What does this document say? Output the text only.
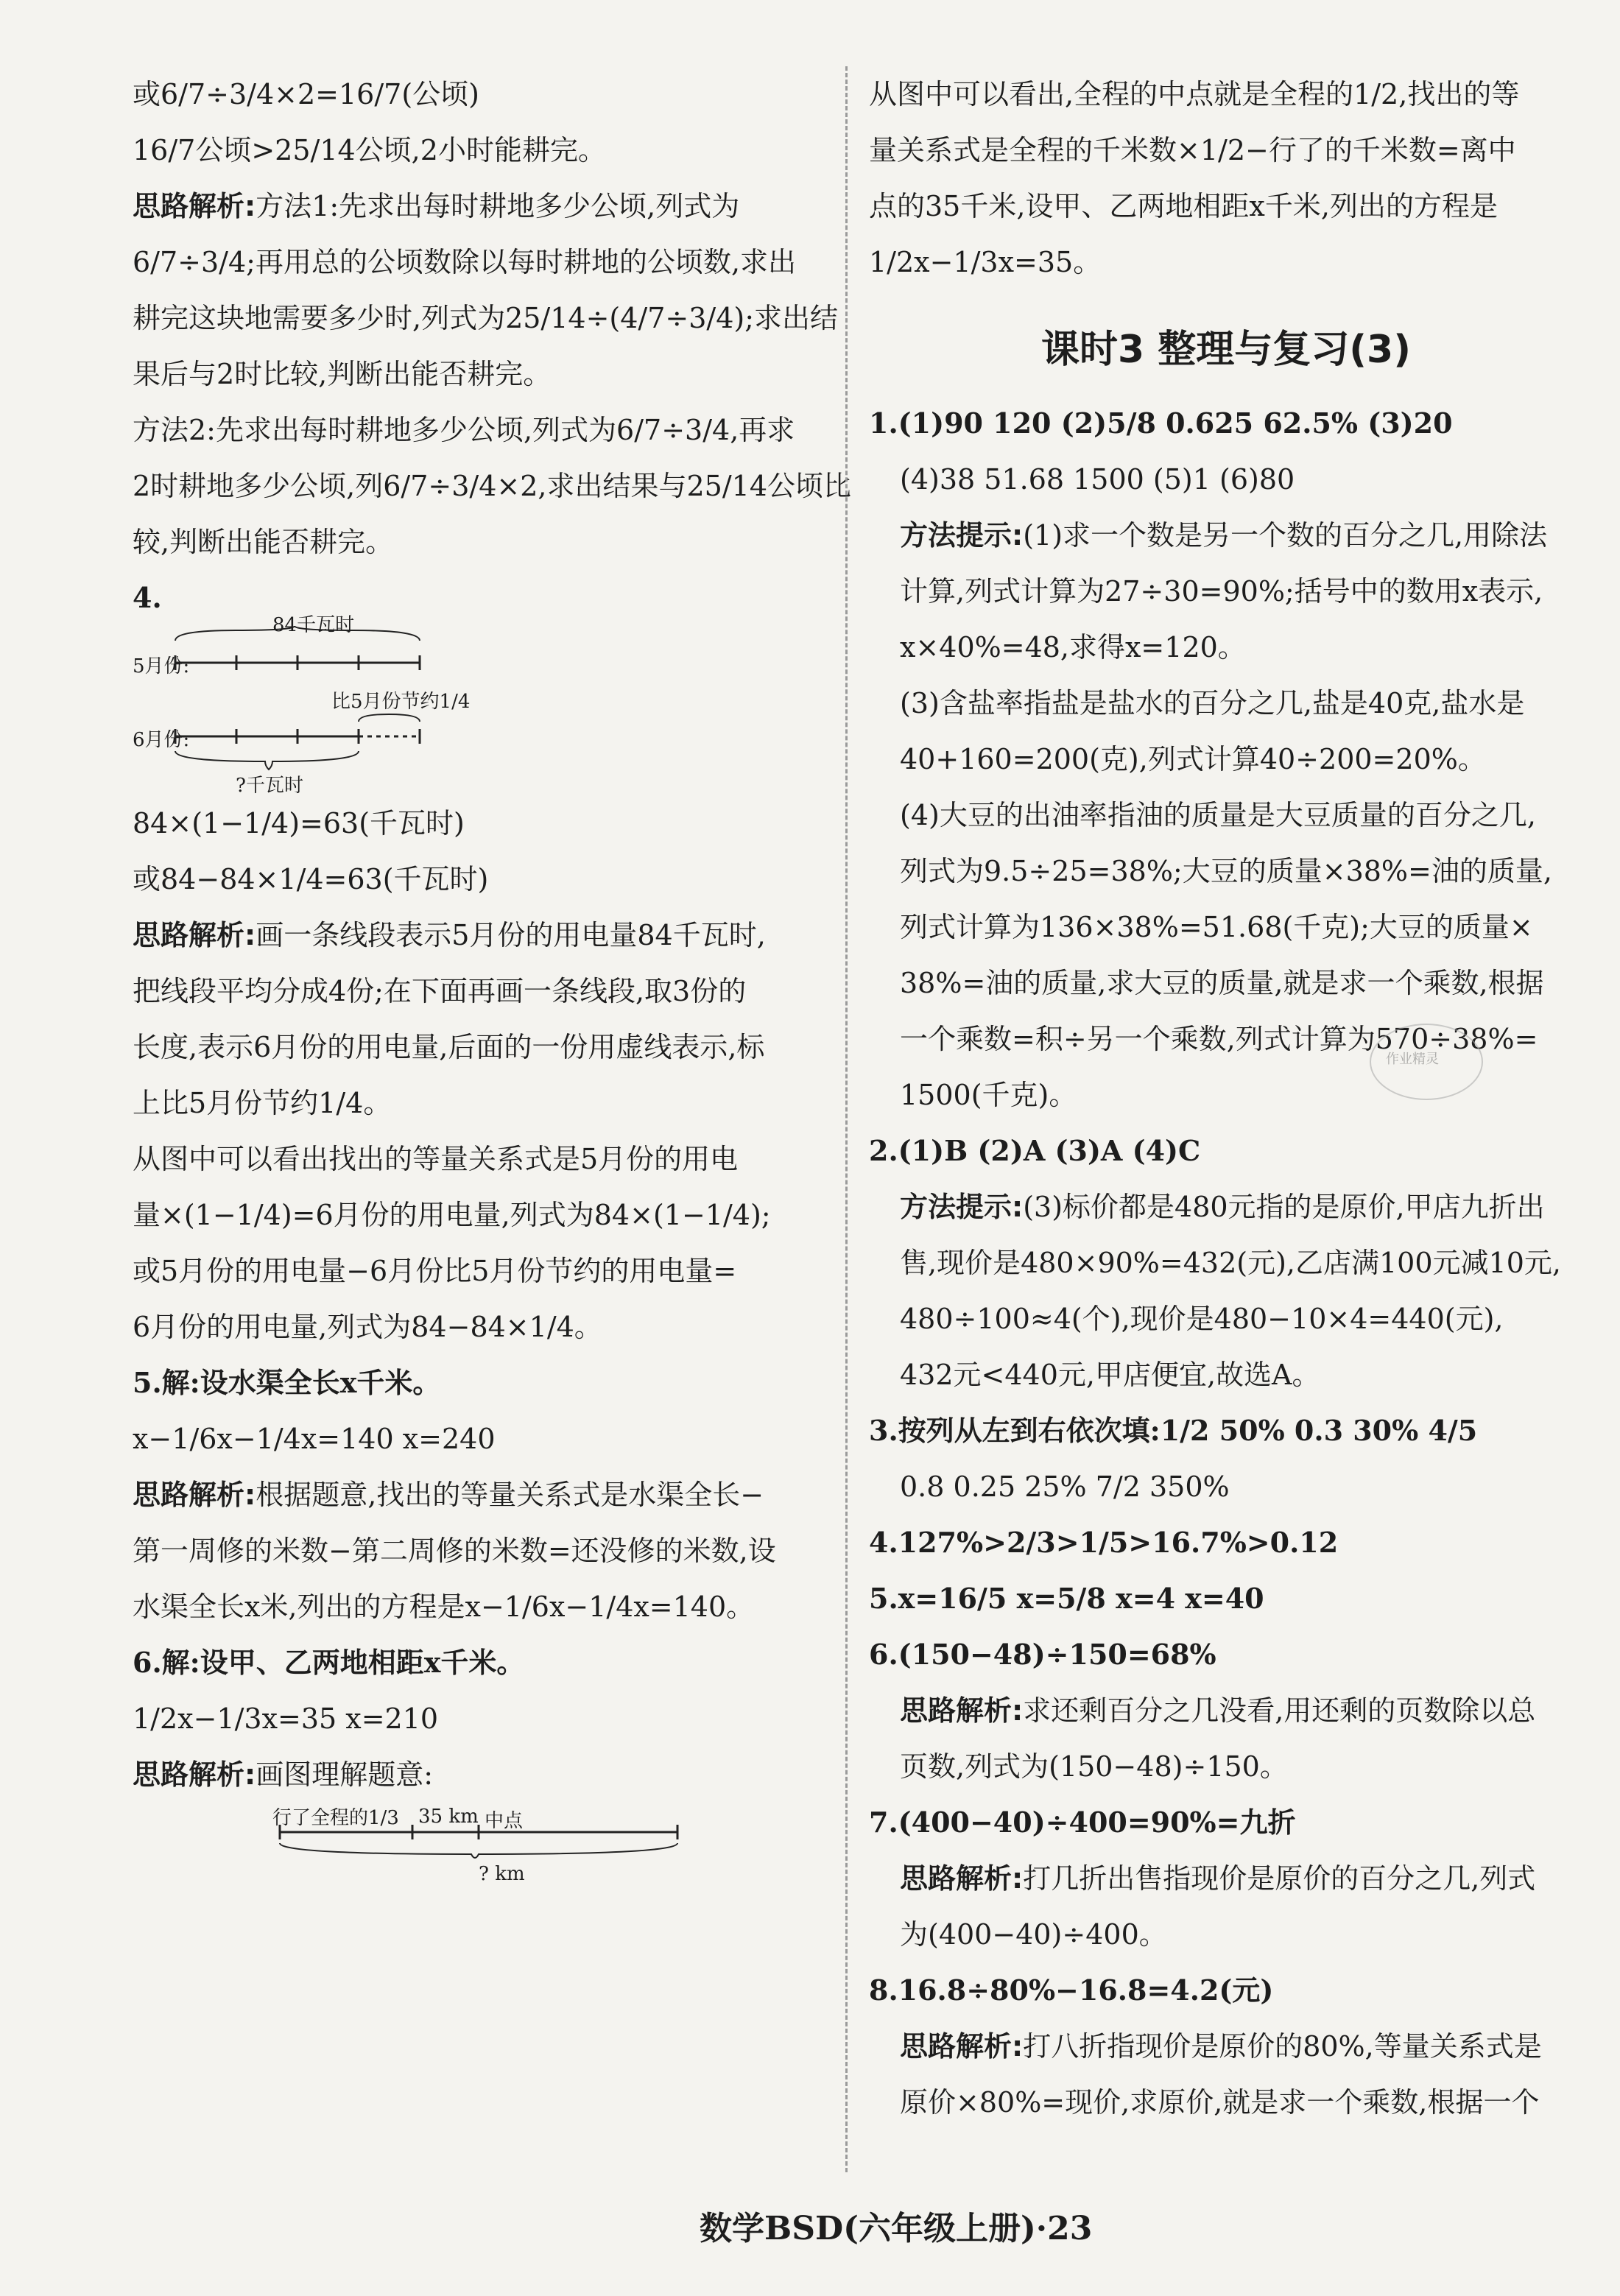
或6/7÷3/4×2=16/7(公顷)

16/7公顷>25/14公顷,2小时能耕完。

思路解析:方法1:先求出每时耕地多少公顷,列式为

6/7÷3/4;再用总的公顷数除以每时耕地的公顷数,求出

耕完这块地需要多少时,列式为25/14÷(4/7÷3/4);求出结

果后与2时比较,判断出能否耕完。

方法2:先求出每时耕地多少公顷,列式为6/7÷3/4,再求

2时耕地多少公顷,列6/7÷3/4×2,求出结果与25/14公顷比

较,判断出能否耕完。

4.

84千瓦时
5月份:
比5月份节约1/4
6月份:
?千瓦时

84×(1−1/4)=63(千瓦时)

或84−84×1/4=63(千瓦时)

思路解析:画一条线段表示5月份的用电量84千瓦时,

把线段平均分成4份;在下面再画一条线段,取3份的

长度,表示6月份的用电量,后面的一份用虚线表示,标

上比5月份节约1/4。

从图中可以看出找出的等量关系式是5月份的用电

量×(1−1/4)=6月份的用电量,列式为84×(1−1/4);

或5月份的用电量−6月份比5月份节约的用电量=

6月份的用电量,列式为84−84×1/4。

5.解:设水渠全长x千米。

x−1/6x−1/4x=140 x=240

思路解析:根据题意,找出的等量关系式是水渠全长−

第一周修的米数−第二周修的米数=还没修的米数,设

水渠全长x米,列出的方程是x−1/6x−1/4x=140。

6.解:设甲、乙两地相距x千米。

1/2x−1/3x=35 x=210

思路解析:画图理解题意:

行了全程的1/3 35 km 中点
? km

从图中可以看出,全程的中点就是全程的1/2,找出的等

量关系式是全程的千米数×1/2−行了的千米数=离中

点的35千米,设甲、乙两地相距x千米,列出的方程是

1/2x−1/3x=35。

课时3 整理与复习(3)

1.(1)90 120 (2)5/8 0.625 62.5% (3)20

(4)38 51.68 1500 (5)1 (6)80

方法提示:(1)求一个数是另一个数的百分之几,用除法

计算,列式计算为27÷30=90%;括号中的数用x表示,

x×40%=48,求得x=120。

(3)含盐率指盐是盐水的百分之几,盐是40克,盐水是

40+160=200(克),列式计算40÷200=20%。

(4)大豆的出油率指油的质量是大豆质量的百分之几,

列式为9.5÷25=38%;大豆的质量×38%=油的质量,

列式计算为136×38%=51.68(千克);大豆的质量×

38%=油的质量,求大豆的质量,就是求一个乘数,根据

一个乘数=积÷另一个乘数,列式计算为570÷38%=

1500(千克)。

2.(1)B (2)A (3)A (4)C

方法提示:(3)标价都是480元指的是原价,甲店九折出

售,现价是480×90%=432(元),乙店满100元减10元,

480÷100≈4(个),现价是480−10×4=440(元),

432元<440元,甲店便宜,故选A。

3.按列从左到右依次填:1/2 50% 0.3 30% 4/5

0.8 0.25 25% 7/2 350%

4.127%>2/3>1/5>16.7%>0.12

5.x=16/5 x=5/8 x=4 x=40

6.(150−48)÷150=68%

思路解析:求还剩百分之几没看,用还剩的页数除以总

页数,列式为(150−48)÷150。

7.(400−40)÷400=90%=九折

思路解析:打几折出售指现价是原价的百分之几,列式

为(400−40)÷400。

8.16.8÷80%−16.8=4.2(元)

思路解析:打八折指现价是原价的80%,等量关系式是

原价×80%=现价,求原价,就是求一个乘数,根据一个

作业精灵
数学BSD(六年级上册)·23
